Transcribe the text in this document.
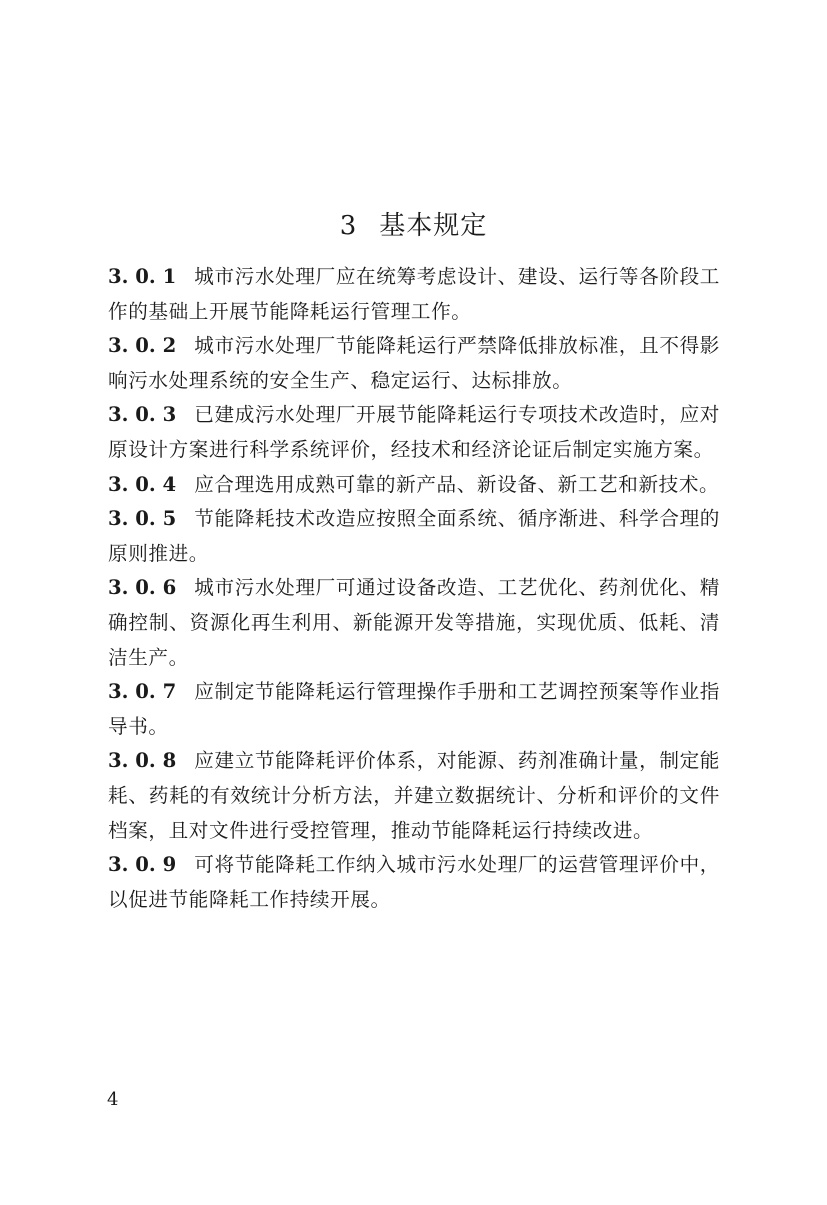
3 基本规定

3. 0. 1 城市污水处理厂应在统筹考虑设计、建设、运行等各阶段工作的基础上开展节能降耗运行管理工作。

3. 0. 2 城市污水处理厂节能降耗运行严禁降低排放标准，且不得影响污水处理系统的安全生产、稳定运行、达标排放。

3. 0. 3 已建成污水处理厂开展节能降耗运行专项技术改造时，应对原设计方案进行科学系统评价，经技术和经济论证后制定实施方案。

3. 0. 4 应合理选用成熟可靠的新产品、新设备、新工艺和新技术。

3. 0. 5 节能降耗技术改造应按照全面系统、循序渐进、科学合理的原则推进。

3. 0. 6 城市污水处理厂可通过设备改造、工艺优化、药剂优化、精确控制、资源化再生利用、新能源开发等措施，实现优质、低耗、清洁生产。

3. 0. 7 应制定节能降耗运行管理操作手册和工艺调控预案等作业指导书。

3. 0. 8 应建立节能降耗评价体系，对能源、药剂准确计量，制定能耗、药耗的有效统计分析方法，并建立数据统计、分析和评价的文件档案，且对文件进行受控管理，推动节能降耗运行持续改进。

3. 0. 9 可将节能降耗工作纳入城市污水处理厂的运营管理评价中，以促进节能降耗工作持续开展。

4
